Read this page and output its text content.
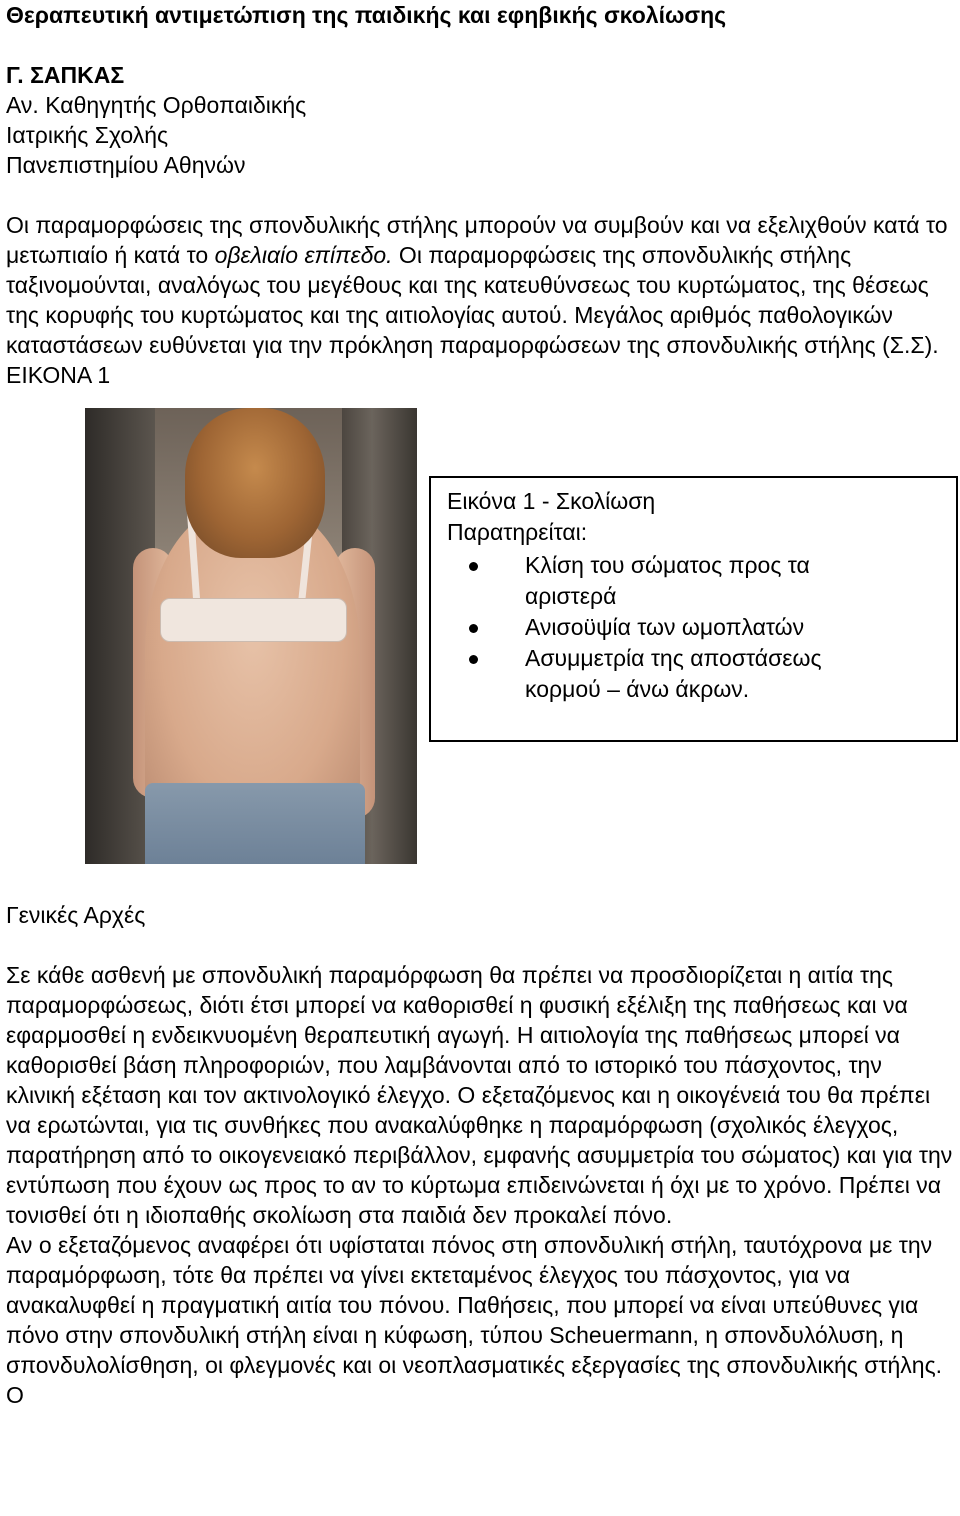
Θεραπευτική αντιμετώπιση της παιδικής και εφηβικής σκολίωσης
Γ. ΣΑΠΚΑΣ
Αν. Καθηγητής Ορθοπαιδικής
Ιατρικής Σχολής
Πανεπιστημίου Αθηνών

Οι παραμορφώσεις της σπονδυλικής στήλης μπορούν να συμβούν και να εξελιχθούν κατά το μετωπιαίο ή κατά το οβελιαίο επίπεδο. Οι παραμορφώσεις της σπονδυλικής στήλης ταξινομούνται, αναλόγως του μεγέθους και της κατευθύνσεως του κυρτώματος, της θέσεως της κορυφής του κυρτώματος και της αιτιολογίας αυτού. Μεγάλος αριθμός παθολογικών καταστάσεων ευθύνεται για την πρόκληση παραμορφώσεων της σπονδυλικής στήλης (Σ.Σ). ΕΙΚΟΝΑ 1

Εικόνα 1 - Σκολίωση
Παρατηρείται:
Κλίση του σώματος προς τα
αριστερά
Ανισοϋψία των ωμοπλατών
Ασυμμετρία της αποστάσεως
κορμού – άνω άκρων.
Γενικές Αρχές

Σε κάθε ασθενή με σπονδυλική παραμόρφωση θα πρέπει να προσδιορίζεται η αιτία της παραμορφώσεως, διότι έτσι μπορεί να καθορισθεί η φυσική εξέλιξη της παθήσεως και να εφαρμοσθεί η ενδεικνυομένη θεραπευτική αγωγή. Η αιτιολογία της παθήσεως μπορεί να καθορισθεί βάση πληροφοριών, που λαμβάνονται από το ιστορικό του πάσχοντος, την κλινική εξέταση και τον ακτινολογικό έλεγχο. Ο εξεταζόμενος και η οικογένειά του θα πρέπει να ερωτώνται, για τις συνθήκες που ανακαλύφθηκε η παραμόρφωση (σχολικός έλεγχος, παρατήρηση από το οικογενειακό περιβάλλον, εμφανής ασυμμετρία του σώματος) και για την εντύπωση που έχουν ως προς το αν το κύρτωμα επιδεινώνεται ή όχι με το χρόνο. Πρέπει να τονισθεί ότι η ιδιοπαθής σκολίωση στα παιδιά δεν προκαλεί πόνο.

Αν ο εξεταζόμενος αναφέρει ότι υφίσταται πόνος στη σπονδυλική στήλη, ταυτόχρονα με την παραμόρφωση, τότε θα πρέπει να γίνει εκτεταμένος έλεγχος του πάσχοντος, για να ανακαλυφθεί η πραγματική αιτία του πόνου. Παθήσεις, που μπορεί να είναι υπεύθυνες για πόνο στην σπονδυλική στήλη είναι η κύφωση, τύπου Scheuermann, η σπονδυλόλυση, η σπονδυλολίσθηση, οι φλεγμονές και οι νεοπλασματικές εξεργασίες της σπονδυλικής στήλης. Ο
